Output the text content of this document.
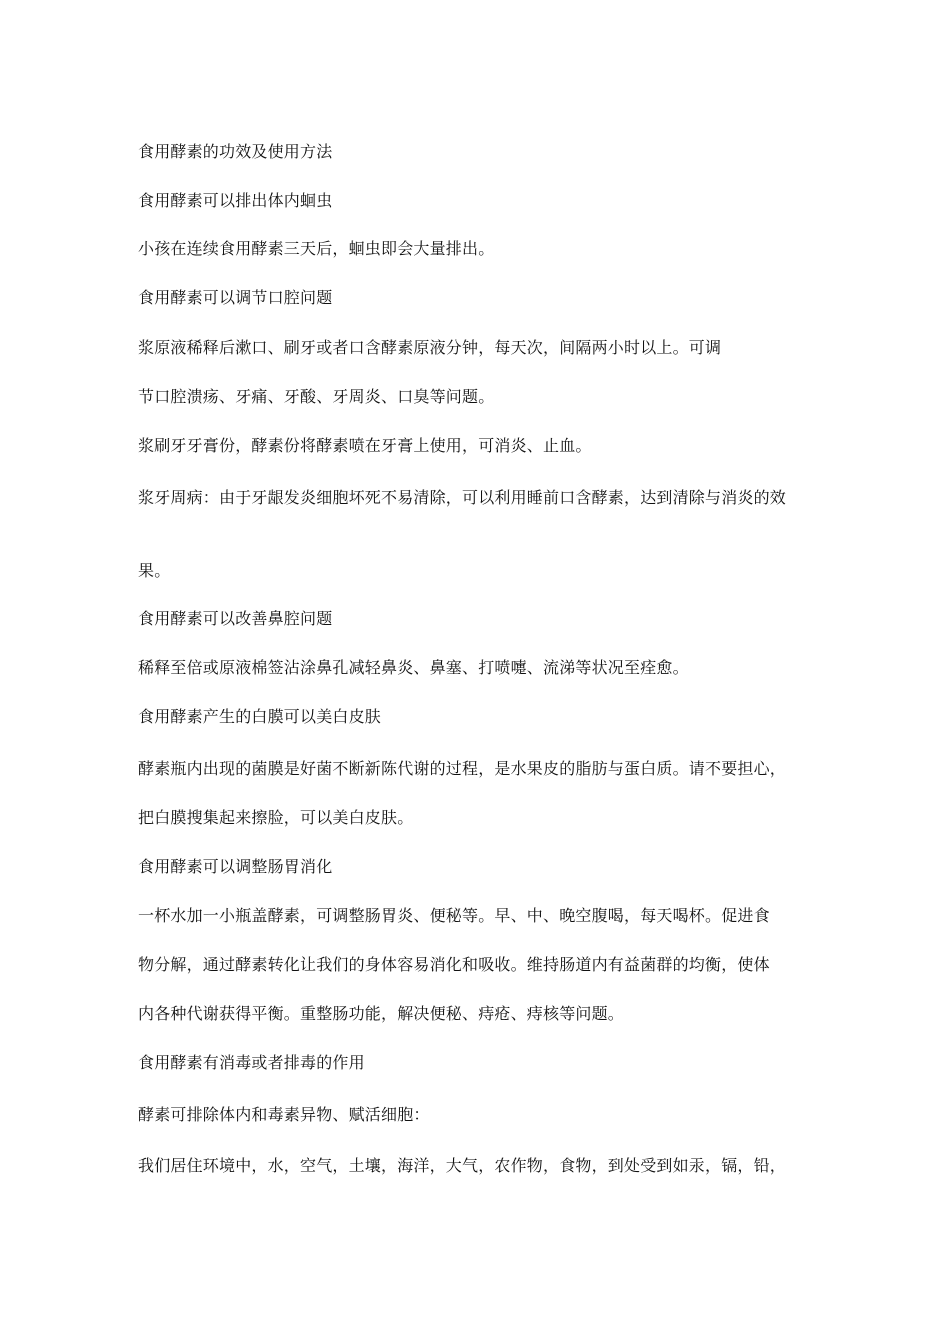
食用酵素的功效及使用方法
食用酵素可以排出体内蛔虫
小孩在连续食用酵素三天后，蛔虫即会大量排出。
食用酵素可以调节口腔问题
浆原液稀释后漱口、刷牙或者口含酵素原液分钟，每天次，间隔两小时以上。可调
节口腔溃疡、牙痛、牙酸、牙周炎、口臭等问题。
浆刷牙牙膏份，酵素份将酵素喷在牙膏上使用，可消炎、止血。
浆牙周病：由于牙龈发炎细胞坏死不易清除，可以利用睡前口含酵素，达到清除与消炎的效
果。
食用酵素可以改善鼻腔问题
稀释至倍或原液棉签沾涂鼻孔减轻鼻炎、鼻塞、打喷嚏、流涕等状况至痊愈。
食用酵素产生的白膜可以美白皮肤
酵素瓶内出现的菌膜是好菌不断新陈代谢的过程，是水果皮的脂肪与蛋白质。请不要担心，
把白膜搜集起来擦脸，可以美白皮肤。
食用酵素可以调整肠胃消化
一杯水加一小瓶盖酵素，可调整肠胃炎、便秘等。早、中、晚空腹喝，每天喝杯。促进食
物分解，通过酵素转化让我们的身体容易消化和吸收。维持肠道内有益菌群的均衡，使体
内各种代谢获得平衡。重整肠功能，解决便秘、痔疮、痔核等问题。
食用酵素有消毒或者排毒的作用
酵素可排除体内和毒素异物、赋活细胞：
我们居住环境中，水，空气，土壤，海洋，大气，农作物，食物，到处受到如汞，镉，铅，
